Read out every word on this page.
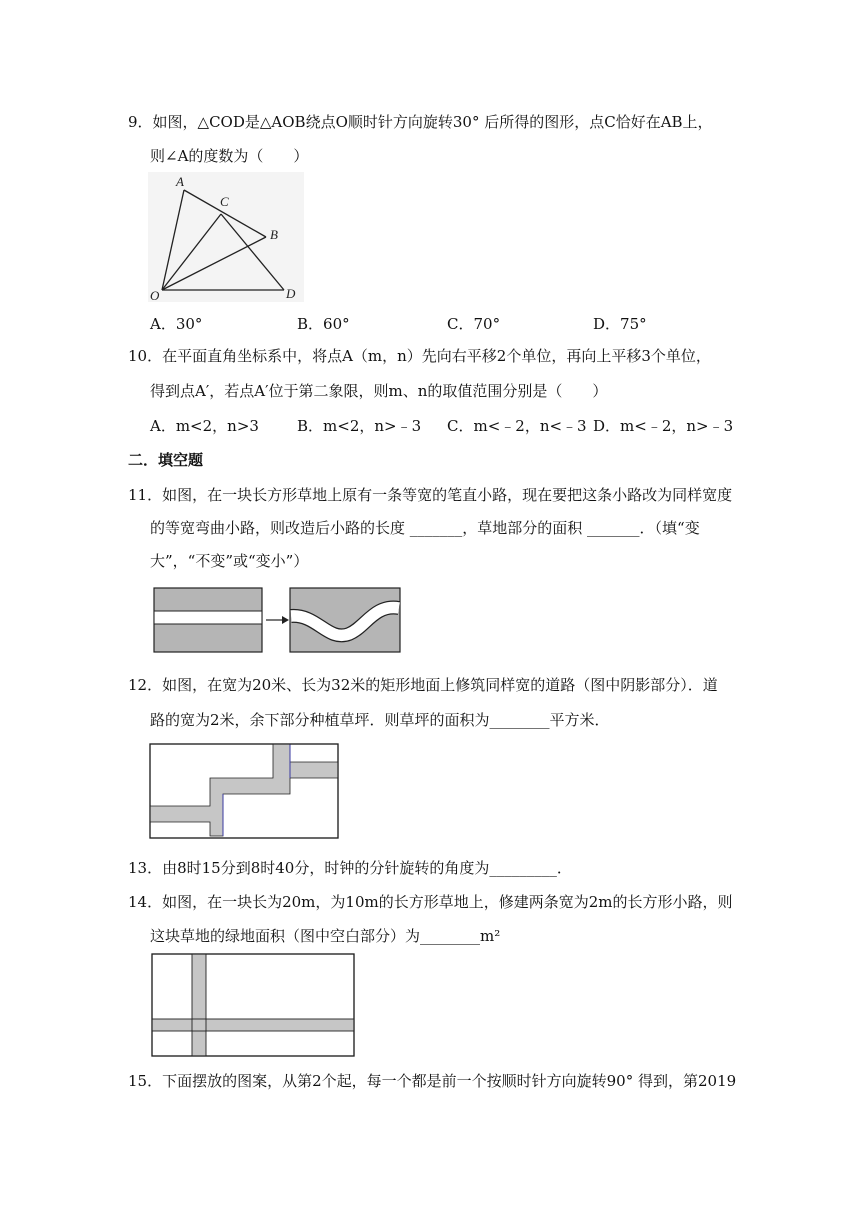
9．如图，△COD是△AOB绕点O顺时针方向旋转30° 后所得的图形，点C恰好在AB上，
则∠A的度数为（　　）
A
C
B
O	D
A．30°	B．60°	C．70°	D．75°
10．在平面直角坐标系中，将点A（m，n）先向右平移2个单位，再向上平移3个单位，
得到点A′，若点A′位于第二象限，则m、n的取值范围分别是（　　）
A．m<2，n>3	B．m<2，n>﹣3 C．m<﹣2，n<﹣3 D．m<﹣2，n>﹣3
二．填空题
11．如图，在一块长方形草地上原有一条等宽的笔直小路，现在要把这条小路改为同样宽度
的等宽弯曲小路，则改造后小路的长度 _______，草地部分的面积 _______．（填“变
大”，“不变”或“变小”）
12．如图，在宽为20米、长为32米的矩形地面上修筑同样宽的道路（图中阴影部分）．道
路的宽为2米，余下部分种植草坪．则草坪的面积为________平方米．
13．由8时15分到8时40分，时钟的分针旋转的角度为_________．
14．如图，在一块长为20m，为10m的长方形草地上，修建两条宽为2m的长方形小路，则
这块草地的绿地面积（图中空白部分）为________m²
15．下面摆放的图案，从第2个起，每一个都是前一个按顺时针方向旋转90° 得到，第2019
